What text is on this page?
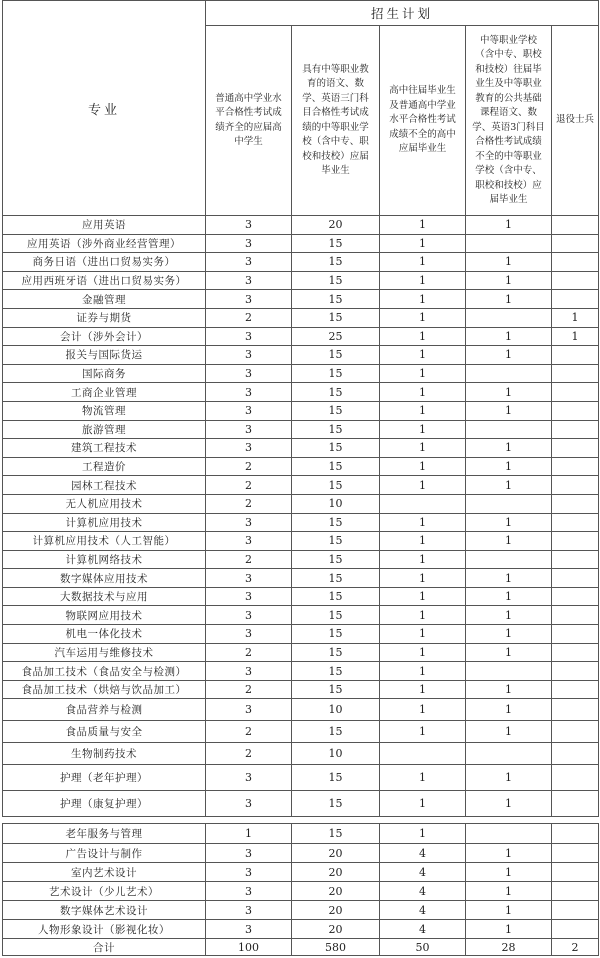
专业	招生计划				
	普通高中学业水平合格性考试成绩齐全的应届高中学生	具有中等职业教育的语文、数学、英语三门科目合格性考试成绩的中等职业学校（含中专、职校和技校）应届毕业生	高中往届毕业生及普通高中学业水平合格性考试成绩不全的高中应届毕业生	中等职业学校（含中专、职校和技校）往届毕业生及中等职业教育的公共基础课程语文、数学、英语3门科目合格性考试成绩不全的中等职业学校（含中专、职校和技校）应届毕业生	退役士兵
应用英语	3	20	1	1	
应用英语（涉外商业经营管理）	3	15	1		
商务日语（进出口贸易实务）	3	15	1	1	
应用西班牙语（进出口贸易实务）	3	15	1	1	
金融管理	3	15	1	1	
证券与期货	2	15	1		1
会计（涉外会计）	3	25	1	1	1
报关与国际货运	3	15	1	1	
国际商务	3	15	1		
工商企业管理	3	15	1	1	
物流管理	3	15	1	1	
旅游管理	3	15	1		
建筑工程技术	3	15	1	1	
工程造价	2	15	1	1	
园林工程技术	2	15	1	1	
无人机应用技术	2	10			
计算机应用技术	3	15	1	1	
计算机应用技术（人工智能）	3	15	1	1	
计算机网络技术	2	15	1		
数字媒体应用技术	3	15	1	1	
大数据技术与应用	3	15	1	1	
物联网应用技术	3	15	1	1	
机电一体化技术	3	15	1	1	
汽车运用与维修技术	2	15	1	1	
食品加工技术（食品安全与检测）	3	15	1		
食品加工技术（烘焙与饮品加工）	2	15	1	1	
食品营养与检测	3	10	1	1	
食品质量与安全	2	15	1	1	
生物制药技术	2	10			
护理（老年护理）	3	15	1	1	
护理（康复护理）	3	15	1	1	
老年服务与管理	1	15	1		
广告设计与制作	3	20	4	1	
室内艺术设计	3	20	4	1	
艺术设计（少儿艺术）	3	20	4	1	
数字媒体艺术设计	3	20	4	1	
人物形象设计（影视化妆）	3	20	4	1	
合计	100	580	50	28	2
